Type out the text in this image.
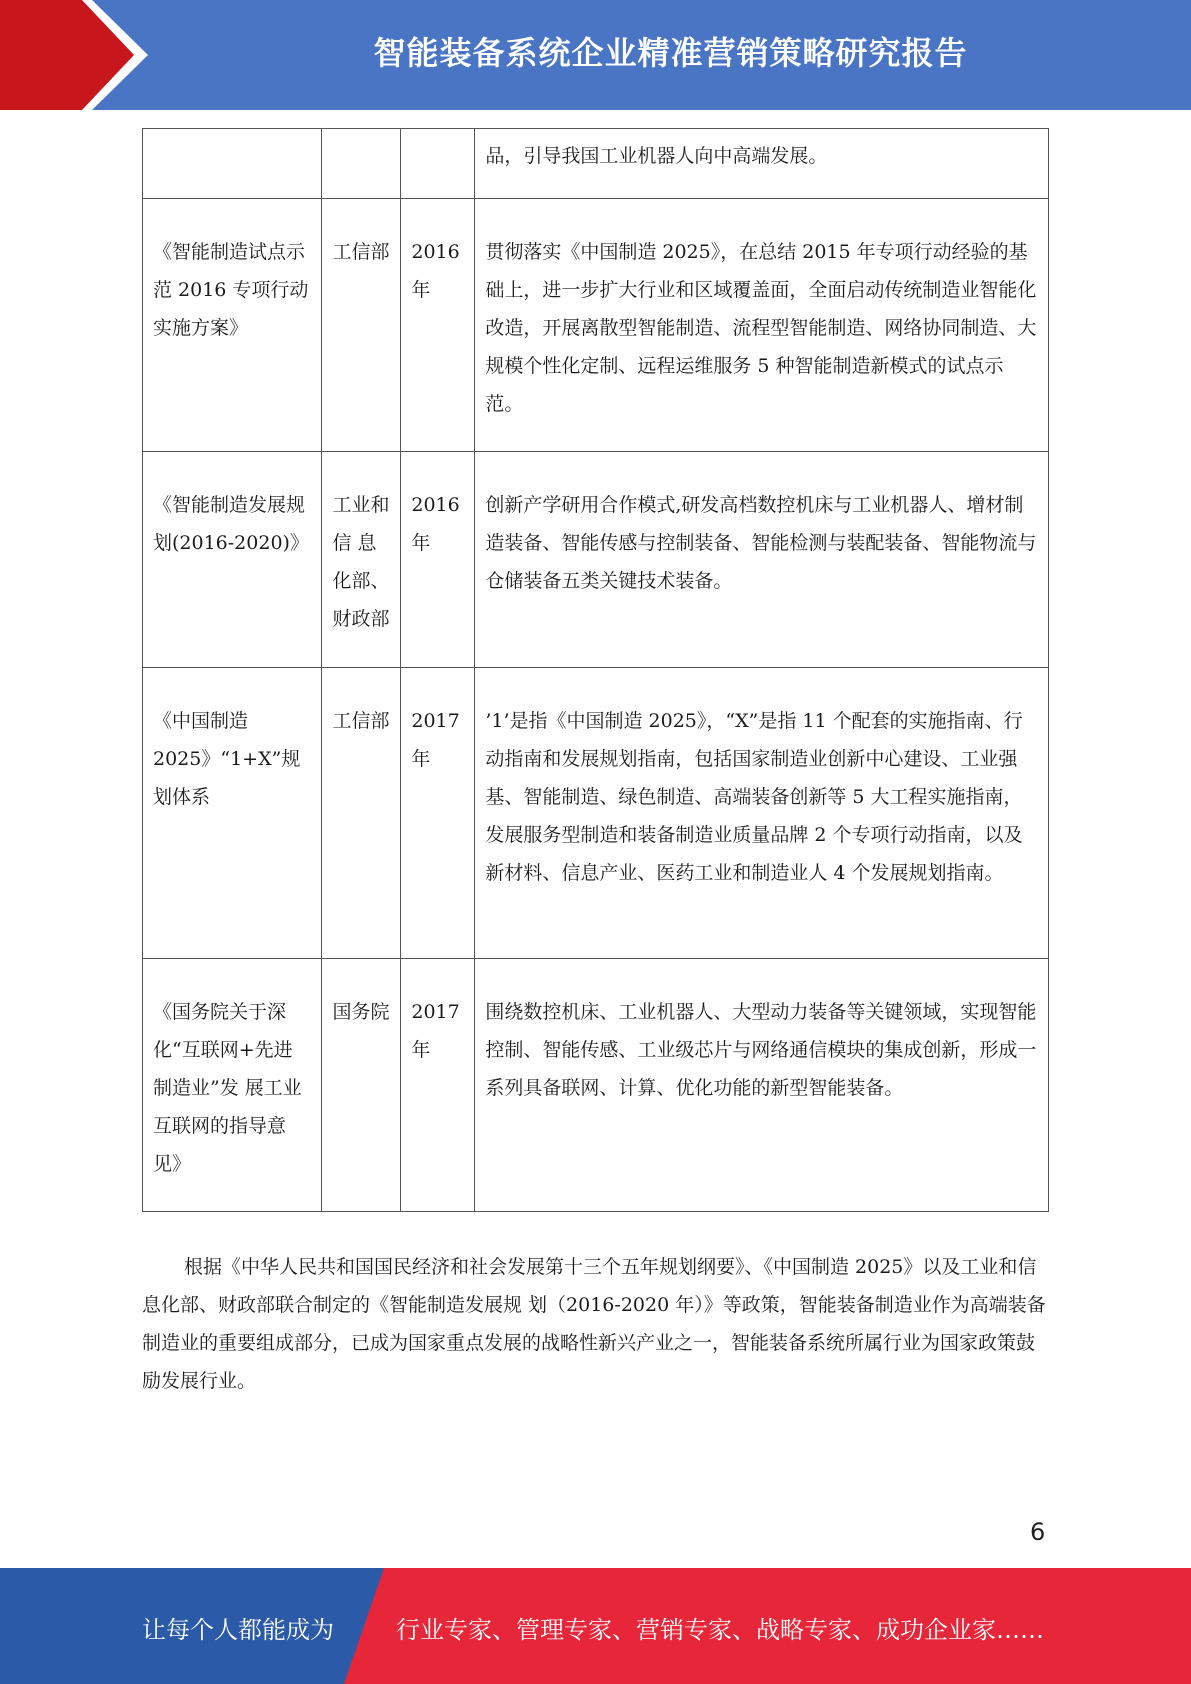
智能装备系统企业精准营销策略研究报告
			品，引导我国工业机器人向中高端发展。
《智能制造试点示范 2016 专项行动实施方案》	工信部	2016 年	贯彻落实《中国制造 2025》，在总结 2015 年专项行动经验的基础上，进一步扩大行业和区域覆盖面，全面启动传统制造业智能化改造，开展离散型智能制造、流程型智能制造、网络协同制造、大规模个性化定制、远程运维服务 5 种智能制造新模式的试点示范。
《智能制造发展规划(2016-2020)》	工业和信 息化部、财政部	2016 年	创新产学研用合作模式,研发高档数控机床与工业机器人、增材制造装备、智能传感与控制装备、智能检测与装配装备、智能物流与仓储装备五类关键技术装备。
《中国制造 2025》“1+X”规划体系	工信部	2017 年	’1’是指《中国制造 2025》，“X”是指 11 个配套的实施指南、行动指南和发展规划指南，包括国家制造业创新中心建设、工业强基、智能制造、绿色制造、高端装备创新等 5 大工程实施指南，发展服务型制造和装备制造业质量品牌 2 个专项行动指南，以及新材料、信息产业、医药工业和制造业人 4 个发展规划指南。
《国务院关于深化“互联网+先进制造业”发 展工业互联网的指导意见》	国务院	2017 年	围绕数控机床、工业机器人、大型动力装备等关键领域，实现智能控制、智能传感、工业级芯片与网络通信模块的集成创新，形成一系列具备联网、计算、优化功能的新型智能装备。

根据《中华人民共和国国民经济和社会发展第十三个五年规划纲要》、《中国制造 2025》以及工业和信息化部、财政部联合制定的《智能制造发展规 划（2016-2020 年）》等政策，智能装备制造业作为高端装备制造业的重要组成部分，已成为国家重点发展的战略性新兴产业之一，智能装备系统所属行业为国家政策鼓励发展行业。

6
让每个人都能成为	行业专家、管理专家、营销专家、战略专家、成功企业家……
